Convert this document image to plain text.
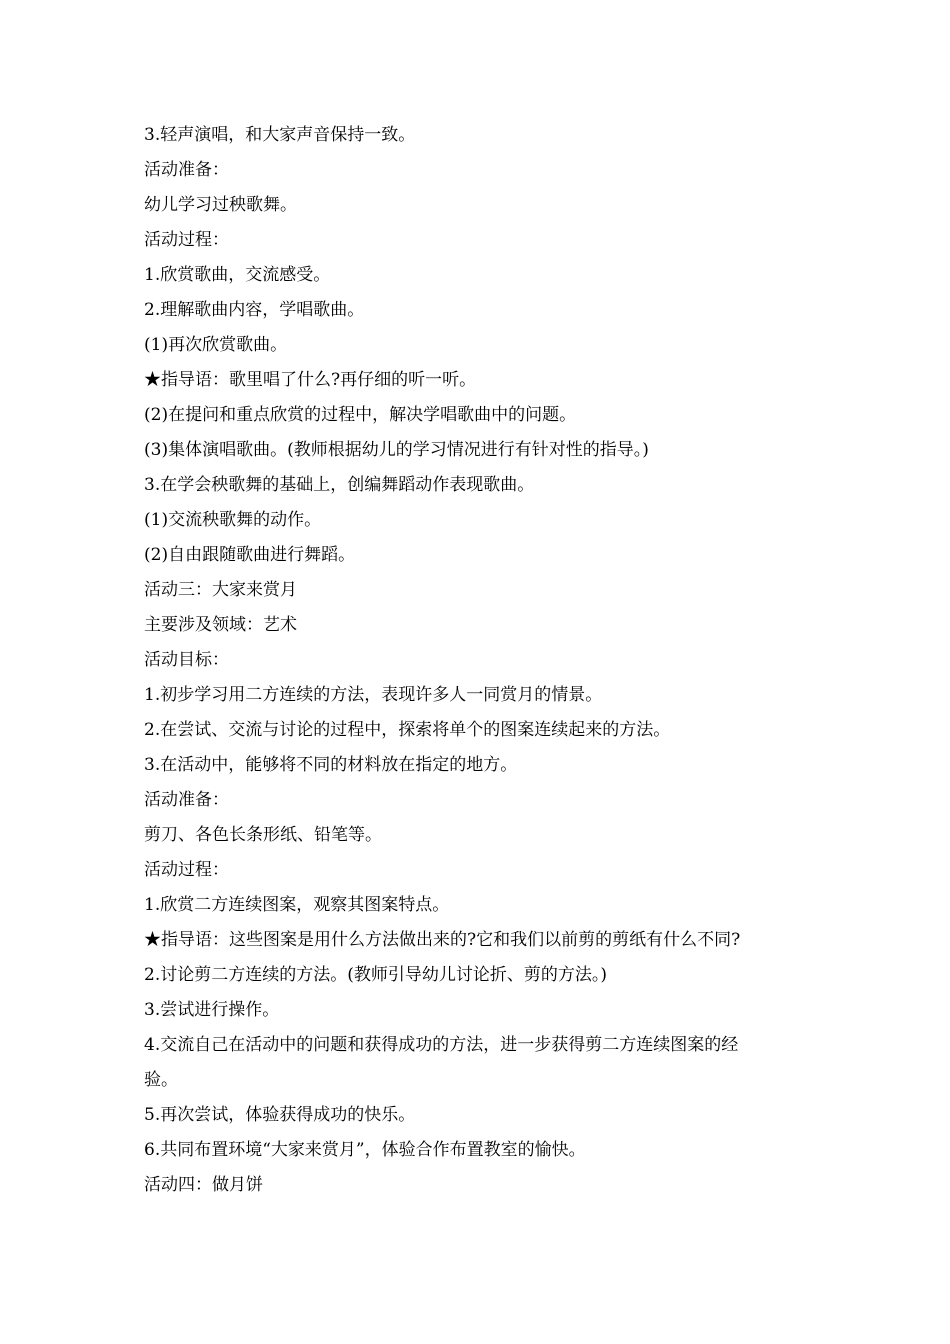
3.轻声演唱，和大家声音保持一致。

活动准备：

幼儿学习过秧歌舞。

活动过程：

1.欣赏歌曲，交流感受。

2.理解歌曲内容，学唱歌曲。

(1)再次欣赏歌曲。

★指导语：歌里唱了什么?再仔细的听一听。

(2)在提问和重点欣赏的过程中，解决学唱歌曲中的问题。

(3)集体演唱歌曲。(教师根据幼儿的学习情况进行有针对性的指导。)

3.在学会秧歌舞的基础上，创编舞蹈动作表现歌曲。

(1)交流秧歌舞的动作。

(2)自由跟随歌曲进行舞蹈。

活动三：大家来赏月

主要涉及领域：艺术

活动目标：

1.初步学习用二方连续的方法，表现许多人一同赏月的情景。

2.在尝试、交流与讨论的过程中，探索将单个的图案连续起来的方法。

3.在活动中，能够将不同的材料放在指定的地方。

活动准备：

剪刀、各色长条形纸、铅笔等。

活动过程：

1.欣赏二方连续图案，观察其图案特点。

★指导语：这些图案是用什么方法做出来的?它和我们以前剪的剪纸有什么不同?

2.讨论剪二方连续的方法。(教师引导幼儿讨论折、剪的方法。)

3.尝试进行操作。

4.交流自己在活动中的问题和获得成功的方法，进一步获得剪二方连续图案的经

验。

5.再次尝试，体验获得成功的快乐。

6.共同布置环境“大家来赏月”，体验合作布置教室的愉快。

活动四：做月饼
